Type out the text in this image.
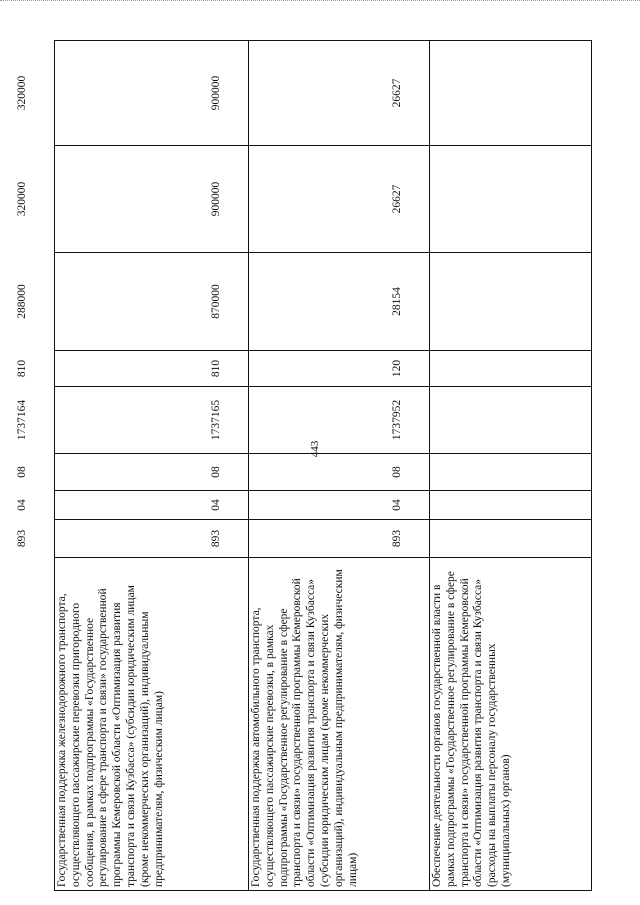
443
Государственная поддержка железнодорожного транспорта, осуществляющего пассажирские перевозки пригородного сообщения, в рамках подпрограммы «Государственное регулирование в сфере транспорта и связи» государственной программы Кемеровской области «Оптимизация развития транспорта и связи Кузбасса» (субсидии юридическим лицам (кроме некоммерческих организаций), индивидуальным предпринимателям, физическим лицам)	893	04	08	1737164	810	288000	320000	320000
Государственная поддержка автомобильного транспорта, осуществляющего пассажирские перевозки, в рамках подпрограммы «Государственное регулирование в сфере транспорта и связи» государственной программы Кемеровской области «Оптимизация развития транспорта и связи Кузбасса» (субсидии юридическим лицам (кроме некоммерческих организаций), индивидуальным предпринимателям, физическим лицам)	893	04	08	1737165	810	870000	900000	900000
Обеспечение деятельности органов государственной власти в рамках подпрограммы «Государственное регулирование в сфере транспорта и связи» государственной программы Кемеровской области «Оптимизация развития транспорта и связи Кузбасса» (расходы на выплаты персоналу государственных (муниципальных) органов)	893	04	08	1737952	120	28154	26627	26627
